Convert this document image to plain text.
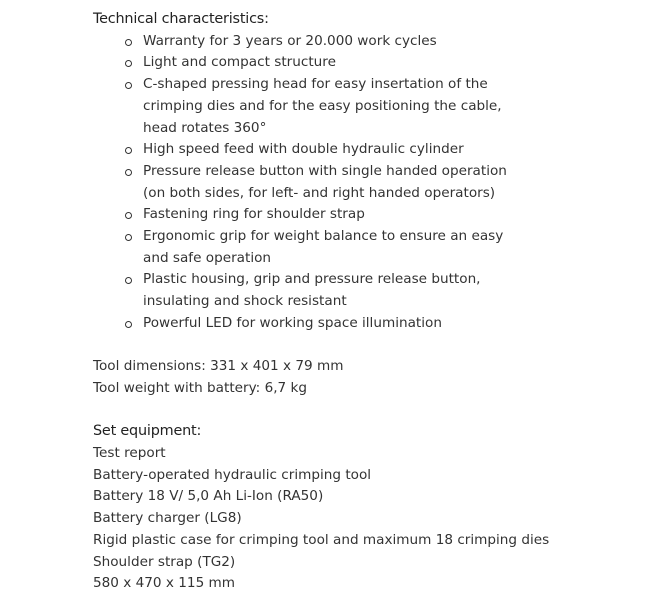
Technical characteristics:
Warranty for 3 years or 20.000 work cycles
Light and compact structure
C-shaped pressing head for easy insertation of the crimping dies and for the easy positioning the cable, head rotates 360°
High speed feed with double hydraulic cylinder
Pressure release button with single handed operation (on both sides, for left- and right handed operators)
Fastening ring for shoulder strap
Ergonomic grip for weight balance to ensure an easy and safe operation
Plastic housing, grip and pressure release button, insulating and shock resistant
Powerful LED for working space illumination
Tool dimensions: 331 x 401 x 79 mm
Tool weight with battery: 6,7 kg
Set equipment:
Test report
Battery-operated hydraulic crimping tool
Battery 18 V/ 5,0 Ah Li-Ion (RA50)
Battery charger (LG8)
Rigid plastic case for crimping tool and maximum 18 crimping dies
Shoulder strap (TG2)
580 x 470 x 115 mm
